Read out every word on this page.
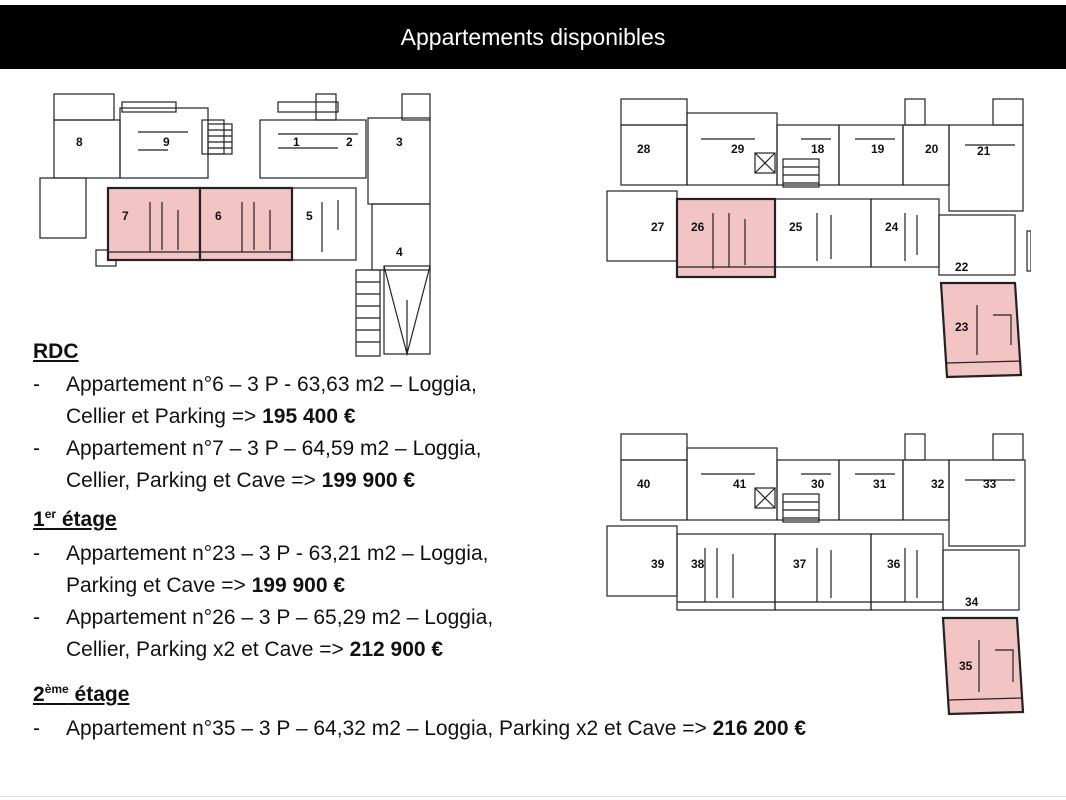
Appartements disponibles
8	9	1	2	3
7	6	5
4
28	29	18	19	20	21
27 26	25	24
22
23
40	41	30	31	32	33
39 38	37	36
34
35
RDC
- Appartement n°6 – 3 P - 63,63 m2 – Loggia,
Cellier et Parking => 195 400 €
- Appartement n°7 – 3 P – 64,59 m2 – Loggia,
Cellier, Parking et Cave => 199 900 €
1er étage
- Appartement n°23 – 3 P - 63,21 m2 – Loggia,
Parking et Cave => 199 900 €
- Appartement n°26 – 3 P – 65,29 m2 – Loggia,
Cellier, Parking x2 et Cave => 212 900 €
2ème étage
- Appartement n°35 – 3 P – 64,32 m2 – Loggia, Parking x2 et Cave => 216 200 €
